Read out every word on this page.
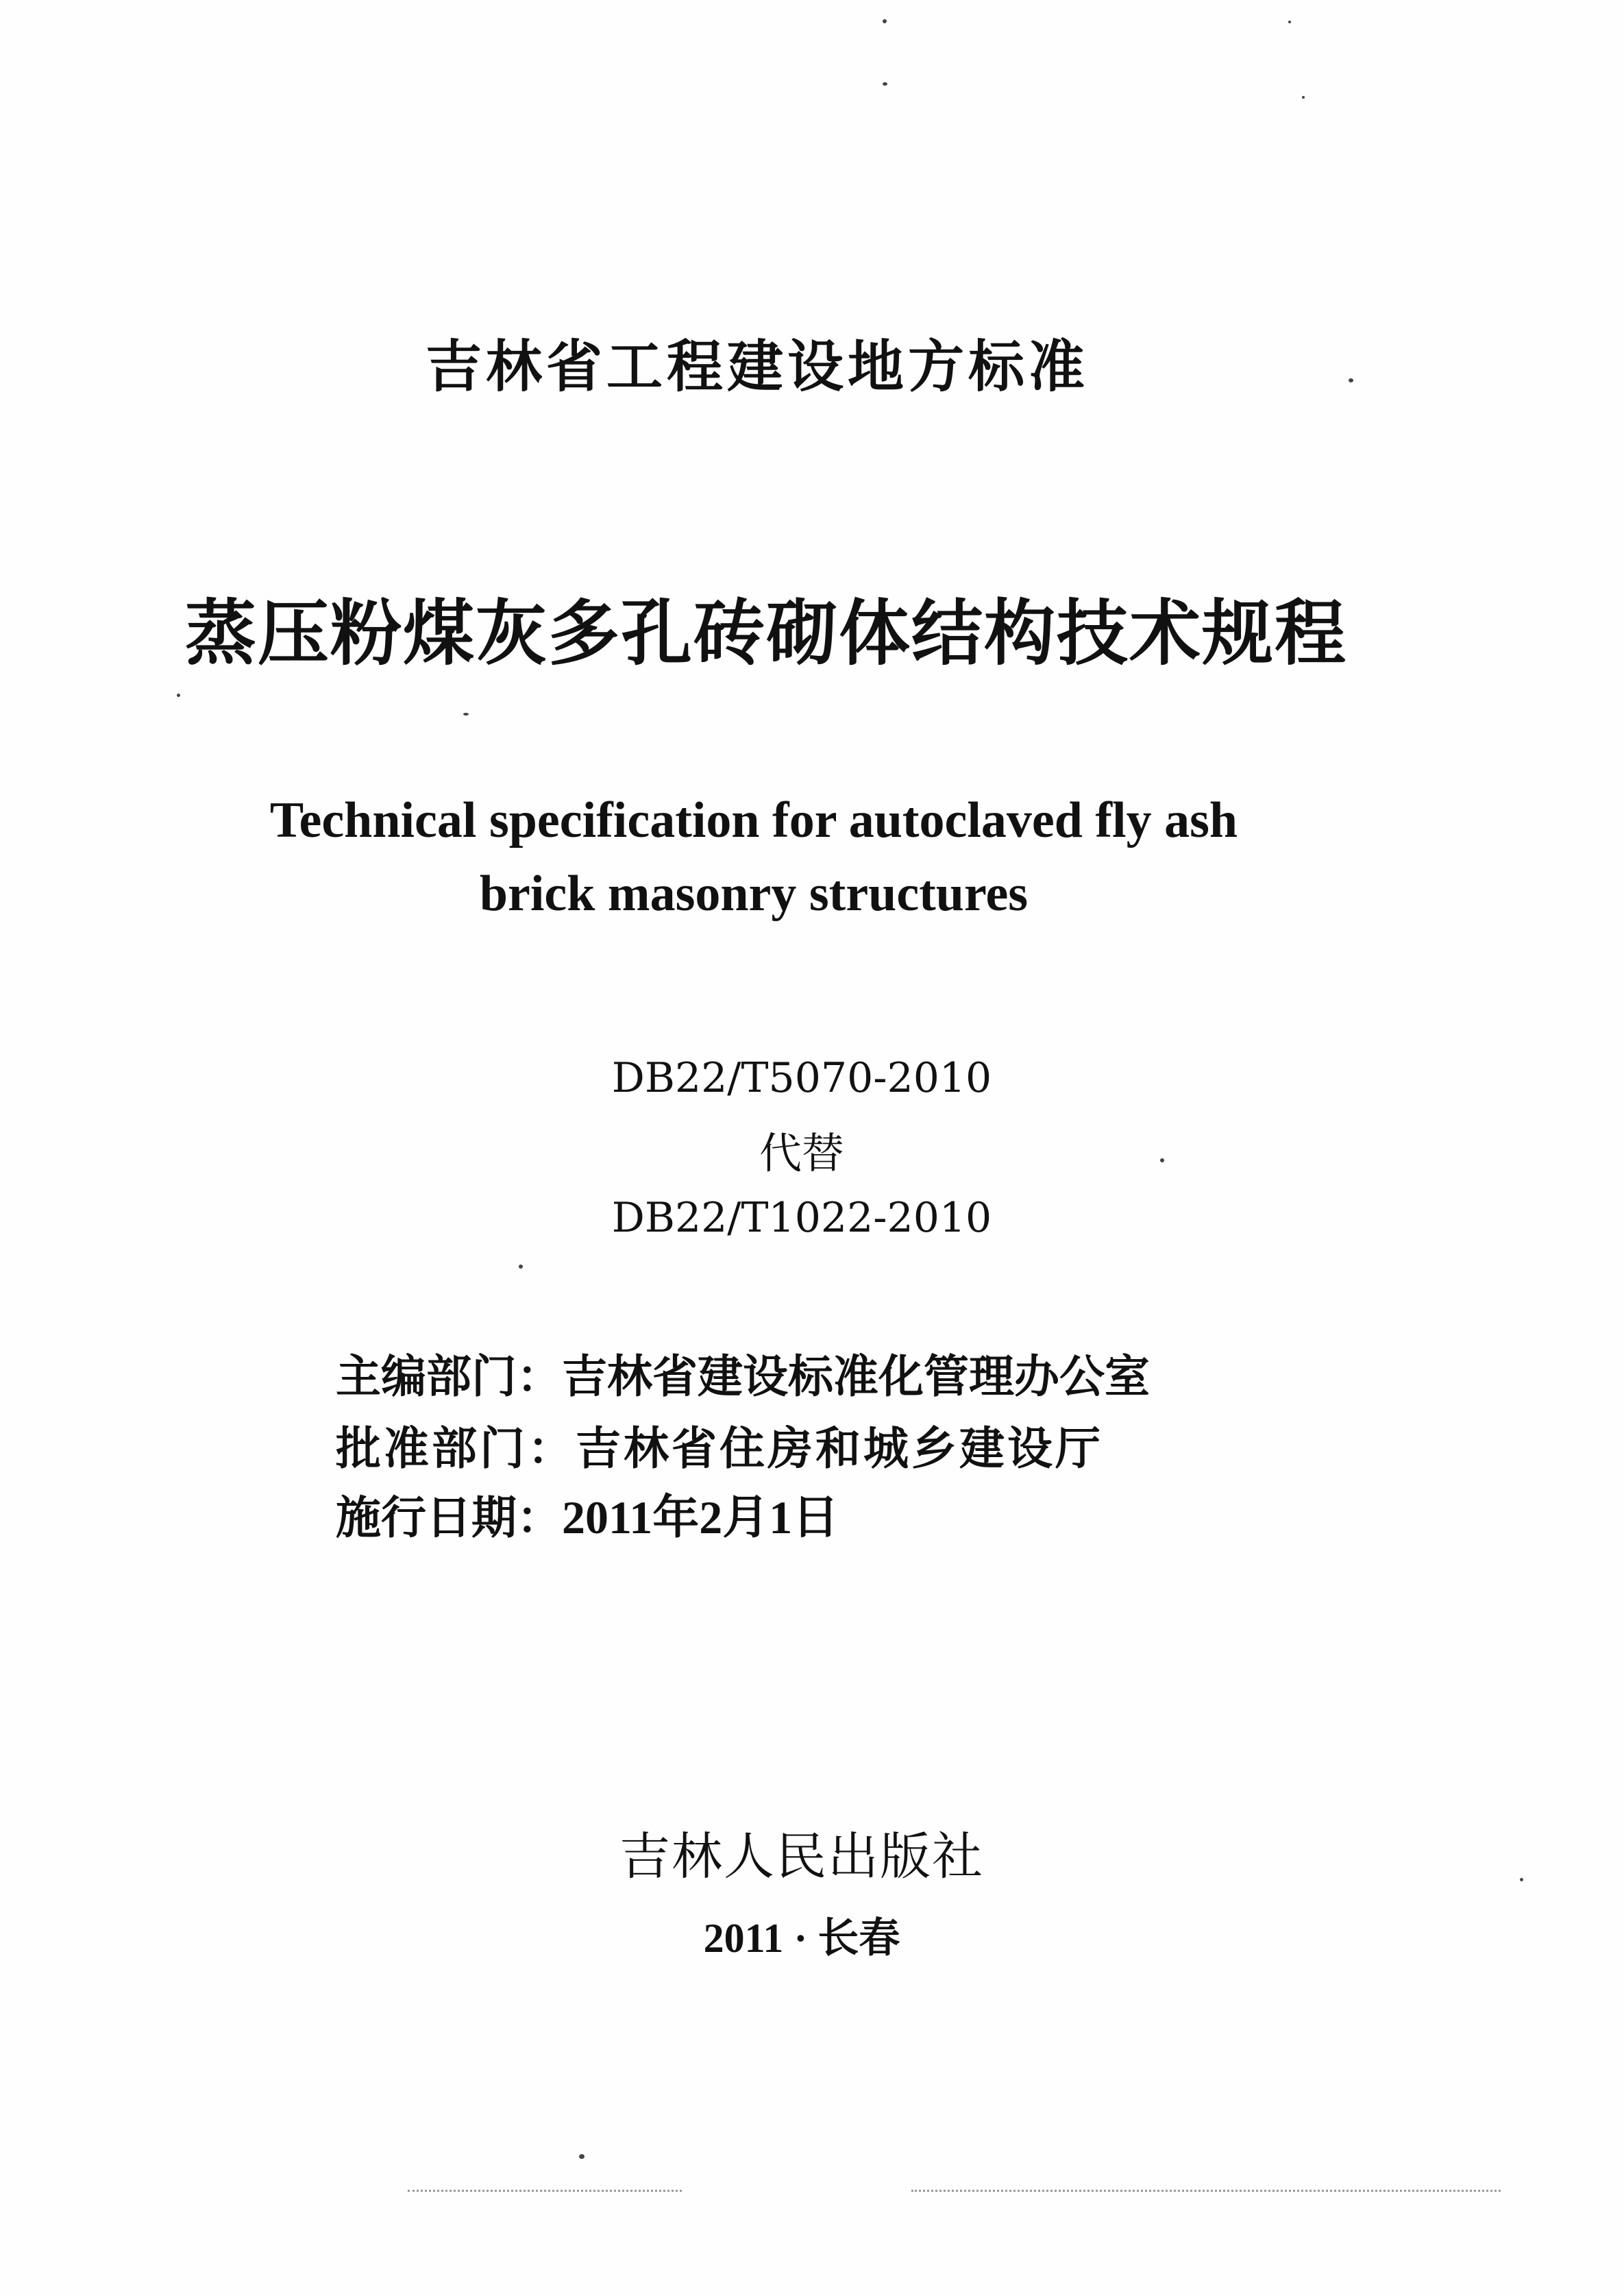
吉林省工程建设地方标准
蒸压粉煤灰多孔砖砌体结构技术规程
Technical specification for autoclaved fly ash
brick masonry structures
DB22/T5070-2010
代替
DB22/T1022-2010
主编部门：吉林省建设标准化管理办公室
批准部门：吉林省住房和城乡建设厅
施行日期：2011年2月1日
吉林人民出版社
2011 · 长春
